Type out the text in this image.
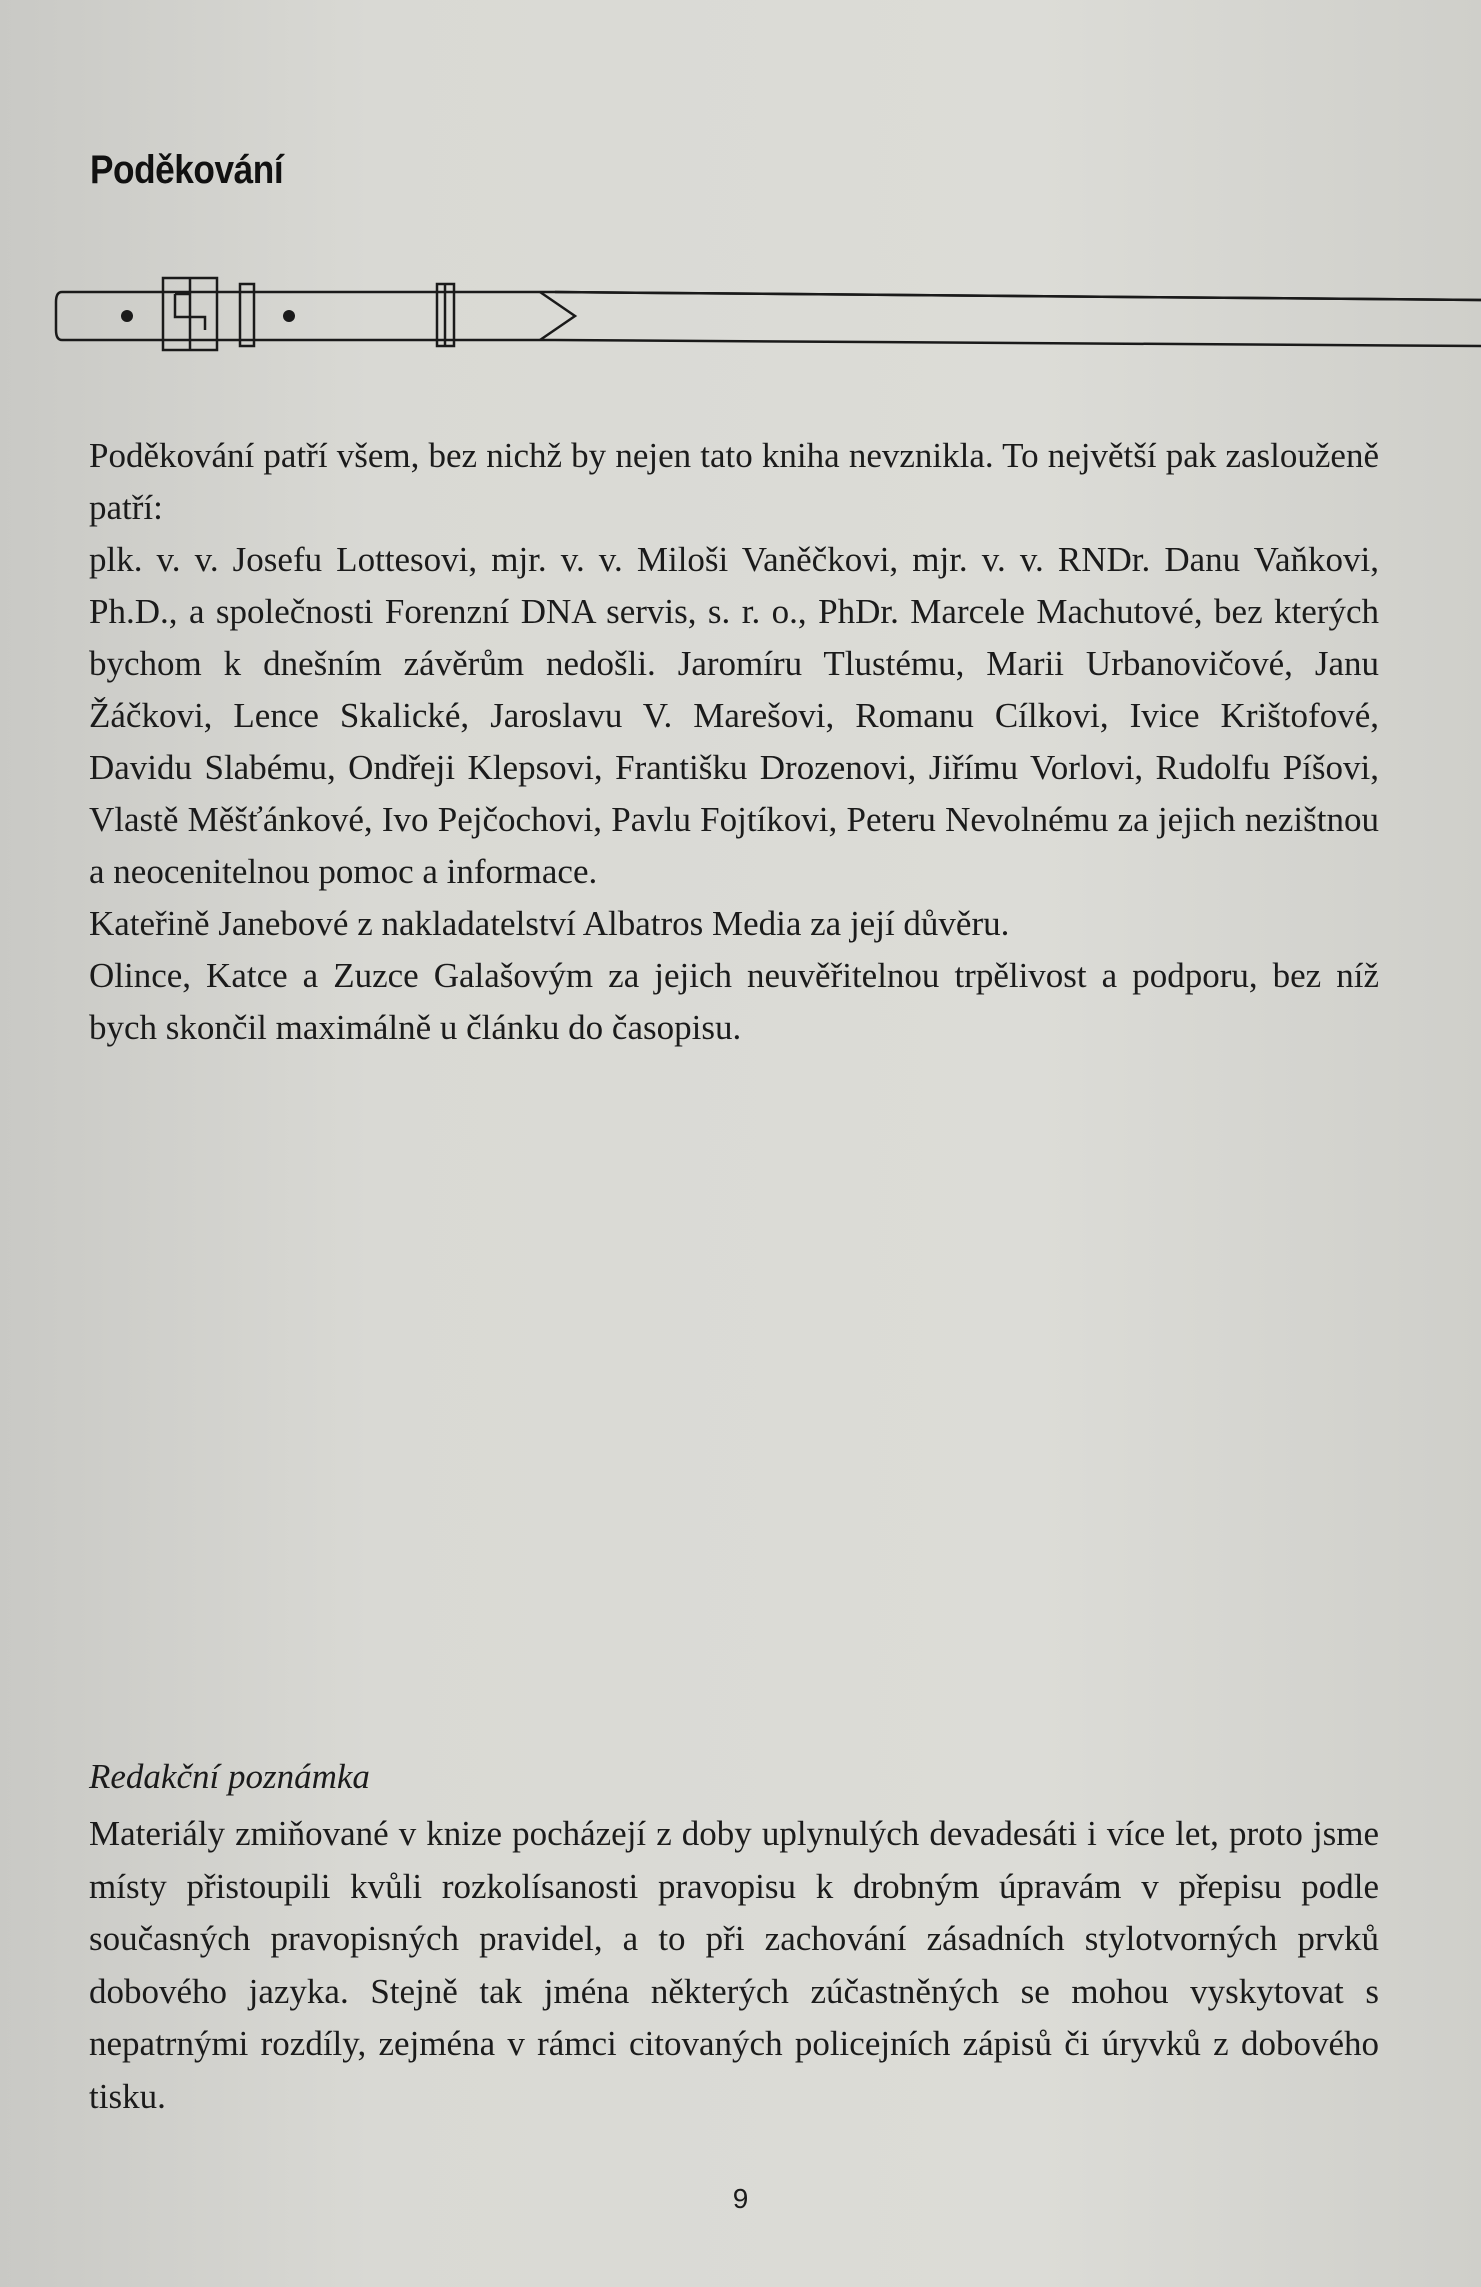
Poděkování

Poděkování patří všem, bez nichž by nejen tato kniha nevznikla. To největší pak zaslouženě patří:

plk. v. v. Josefu Lottesovi, mjr. v. v. Miloši Vaněčkovi, mjr. v. v. RNDr. Danu Vaňkovi, Ph.D., a společnosti Forenzní DNA servis, s. r. o., PhDr. Marcele Machutové, bez kterých bychom k dnešním závěrům nedošli. Jaromíru Tlustému, Marii Urbanovičové, Janu Žáčkovi, Lence Skalické, Jaroslavu V. Marešovi, Romanu Cílkovi, Ivice Krištofové, Davidu Slabému, Ondřeji Klepsovi, Františku Drozenovi, Jiřímu Vorlovi, Rudolfu Píšovi, Vlastě Měšťánkové, Ivo Pejčochovi, Pavlu Fojtíkovi, Peteru Nevolnému za jejich nezištnou a neocenitelnou pomoc a informace.

Kateřině Janebové z nakladatelství Albatros Media za její důvěru.

Olince, Katce a Zuzce Galašovým za jejich neuvěřitelnou trpělivost a podporu, bez níž bych skončil maximálně u článku do časopisu.

Redakční poznámka

Materiály zmiňované v knize pocházejí z doby uplynulých devadesáti i více let, proto jsme místy přistoupili kvůli rozkolísanosti pravopisu k drobným úpravám v přepisu podle současných pravopisných pravidel, a to při zachování zásadních stylotvorných prvků dobového jazyka. Stejně tak jména některých zúčastněných se mohou vyskytovat s nepatrnými rozdíly, zejména v rámci citovaných policejních zápisů či úryvků z dobového tisku.

9
